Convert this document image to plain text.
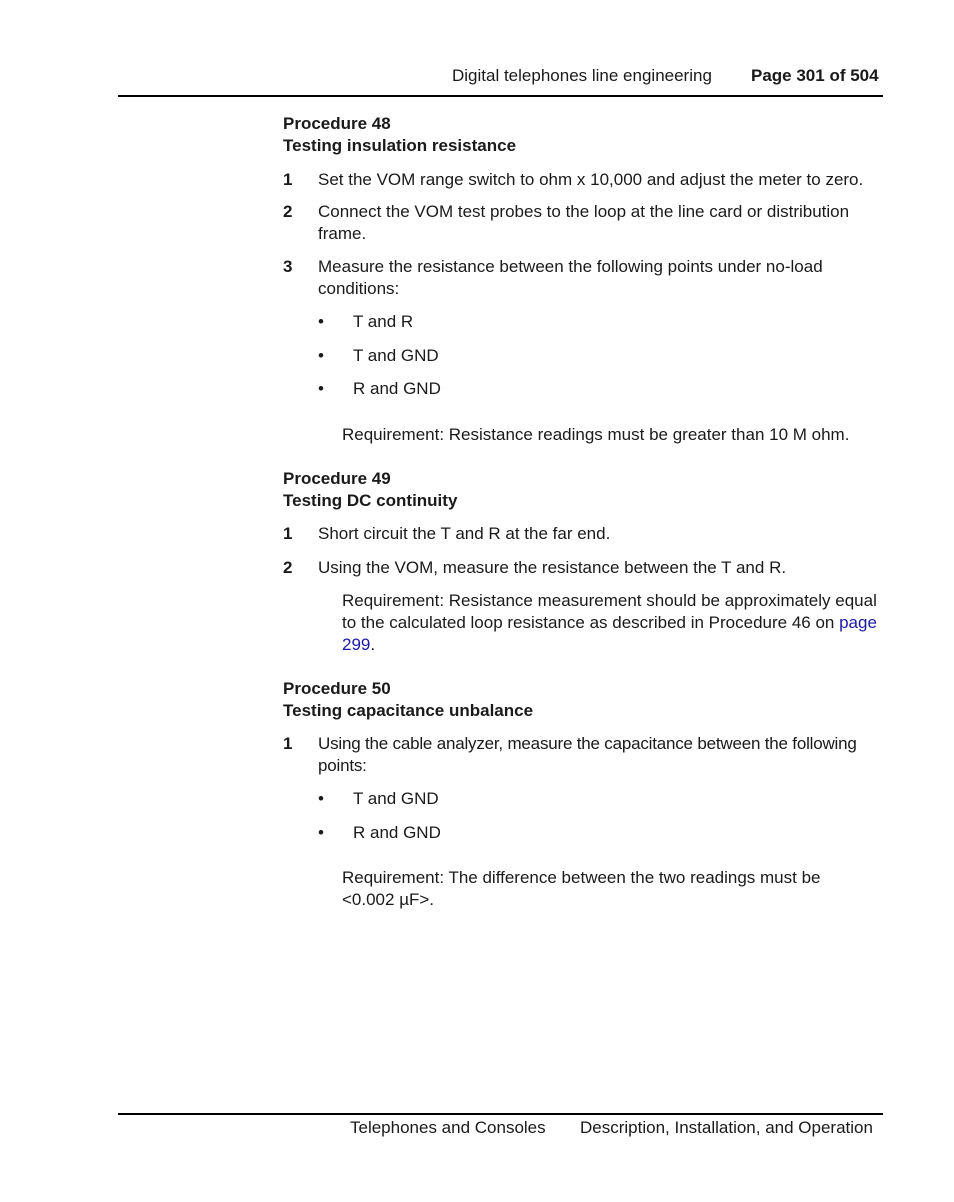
Digital telephones line engineering Page 301 of 504
Procedure 48
Testing insulation resistance
1 Set the VOM range switch to ohm x 10,000 and adjust the meter to zero.
2 Connect the VOM test probes to the loop at the line card or distribution frame.
3 Measure the resistance between the following points under no-load conditions:
• T and R
• T and GND
• R and GND
Requirement: Resistance readings must be greater than 10 M ohm.
Procedure 49
Testing DC continuity
1 Short circuit the T and R at the far end.
2 Using the VOM, measure the resistance between the T and R.
Requirement: Resistance measurement should be approximately equal to the calculated loop resistance as described in Procedure 46 on page 299.
Procedure 50
Testing capacitance unbalance
1 Using the cable analyzer, measure the capacitance between the following points:
• T and GND
• R and GND
Requirement: The difference between the two readings must be <0.002 µF>.
Telephones and Consoles Description, Installation, and Operation
